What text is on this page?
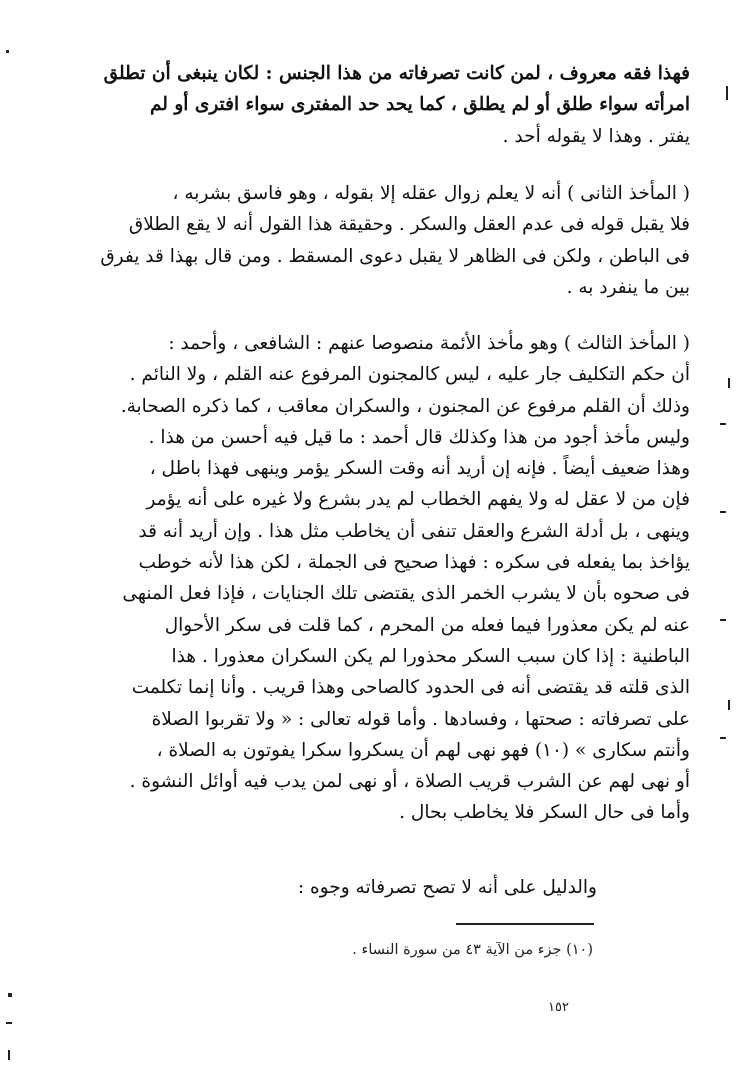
فهذا فقه معروف ، لمن كانت تصرفاته من هذا الجنس : لكان ينبغى أن تطلق
امرأته سواء طلق أو لم يطلق ، كما يحد حد المفترى سواء افترى أو لم
يفتر . وهذا لا يقوله أحد .
( المأخذ الثانى ) أنه لا يعلم زوال عقله إلا بقوله ، وهو فاسق بشربه ،
فلا يقبل قوله فى عدم العقل والسكر . وحقيقة هذا القول أنه لا يقع الطلاق
فى الباطن ، ولكن فى الظاهر لا يقبل دعوى المسقط . ومن قال بهذا قد يفرق
بين ما ينفرد به .
( المأخذ الثالث ) وهو مأخذ الأئمة منصوصا عنهم : الشافعى ، وأحمد :
أن حكم التكليف جار عليه ، ليس كالمجنون المرفوع عنه القلم ، ولا النائم .
وذلك أن القلم مرفوع عن المجنون ، والسكران معاقب ، كما ذكره الصحابة.
وليس مأخذ أجود من هذا وكذلك قال أحمد : ما قيل فيه أحسن من هذا .
وهذا ضعيف أيضاً . فإنه إن أريد أنه وقت السكر يؤمر وينهى فهذا باطل ،
فإن من لا عقل له ولا يفهم الخطاب لم يدر بشرع ولا غيره على أنه يؤمر
وينهى ، بل أدلة الشرع والعقل تنفى أن يخاطب مثل هذا . وإن أريد أنه قد
يؤاخذ بما يفعله فى سكره : فهذا صحيح فى الجملة ، لكن هذا لأنه خوطب
فى صحوه بأن لا يشرب الخمر الذى يقتضى تلك الجنايات ، فإذا فعل المنهى
عنه لم يكن معذورا فيما فعله من المحرم ، كما قلت فى سكر الأحوال
الباطنية : إذا كان سبب السكر محذورا لم يكن السكران معذورا . هذا
الذى قلته قد يقتضى أنه فى الحدود كالصاحى وهذا قريب . وأنا إنما تكلمت
على تصرفاته : صحتها ، وفسادها . وأما قوله تعالى : « ولا تقربوا الصلاة
وأنتم سكارى » (١٠) فهو نهى لهم أن يسكروا سكرا يفوتون به الصلاة ،
أو نهى لهم عن الشرب قريب الصلاة ، أو نهى لمن يدب فيه أوائل النشوة .
وأما فى حال السكر فلا يخاطب بحال .
والدليل على أنه لا تصح تصرفاته وجوه :
(١٠) جزء من الآية ٤٣ من سورة النساء .
١٥٢
